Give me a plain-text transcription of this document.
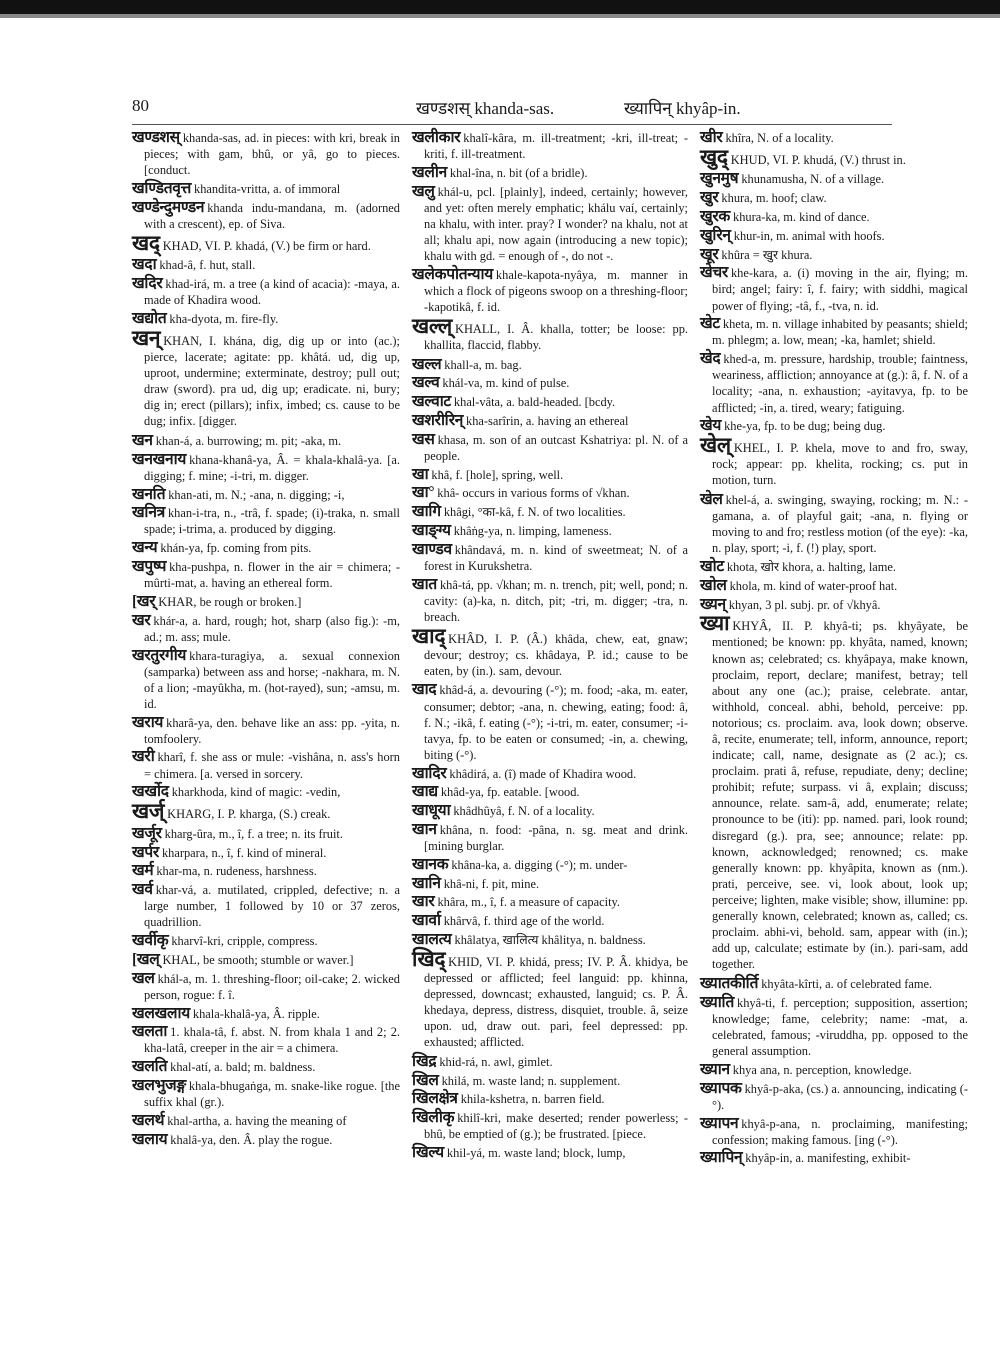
80	खण्डशस् khanda-sas.	ख्यापिन् khyâp-in.

खण्डशस् khanda-sas, ad. in pieces: with kri, break in pieces; with gam, bhû, or yâ, go to pieces. [conduct.

खण्डितवृत्त khandita-vritta, a. of immoral

खण्डेन्दुमण्डन khanda indu-mandana, m. (adorned with a crescent), ep. of Siva.

खद् KHAD, VI. P. khadá, (V.) be firm or hard.

खदा khad-â, f. hut, stall.

खदिर khad-irá, m. a tree (a kind of acacia): -maya, a. made of Khadira wood.

खद्योत kha-dyota, m. fire-fly.

खन् KHAN, I. khána, dig, dig up or into (ac.); pierce, lacerate; agitate: pp. khâtá. ud, dig up, uproot, undermine; exterminate, destroy; pull out; draw (sword). pra ud, dig up; eradicate. ni, bury; dig in; erect (pillars); infix, imbed; cs. cause to be dug; infix. [digger.

खन khan-á, a. burrowing; m. pit; -aka, m.

खनखनाय khana-khanâ-ya, Â. = khala-khalâ-ya. [a. digging; f. mine; -i-tri, m. digger.

खनति khan-ati, m. N.; -ana, n. digging; -i,

खनित्र khan-i-tra, n., -trâ, f. spade; (i)-traka, n. small spade; i-trima, a. produced by digging.

खन्य khán-ya, fp. coming from pits.

खपुष्प kha-pushpa, n. flower in the air = chimera; -mûrti-mat, a. having an ethereal form.

[खर् KHAR, be rough or broken.]

खर khár-a, a. hard, rough; hot, sharp (also fig.): -m, ad.; m. ass; mule.

खरतुरगीय khara-turagiya, a. sexual connexion (samparka) between ass and horse; -nakhara, m. N. of a lion; -mayûkha, m. (hot-rayed), sun; -amsu, m. id.

खराय kharâ-ya, den. behave like an ass: pp. -yita, n. tomfoolery.

खरी kharî, f. she ass or mule: -vishâna, n. ass's horn = chimera. [a. versed in sorcery.

खर्खोद kharkhoda, kind of magic: -vedin,

खर्ज् KHARG, I. P. kharga, (S.) creak.

खर्जूर kharg-ûra, m., î, f. a tree; n. its fruit.

खर्पर kharpara, n., î, f. kind of mineral.

खर्म khar-ma, n. rudeness, harshness.

खर्व khar-vá, a. mutilated, crippled, defective; n. a large number, 1 followed by 10 or 37 zeros, quadrillion.

खर्वीकृ kharvî-kri, cripple, compress.

[खल् KHAL, be smooth; stumble or waver.]

खल khál-a, m. 1. threshing-floor; oil-cake; 2. wicked person, rogue: f. î.

खलखलाय khala-khalâ-ya, Â. ripple.

खलता 1. khala-tâ, f. abst. N. from khala 1 and 2; 2. kha-latâ, creeper in the air = a chimera.

खलति khal-atí, a. bald; m. baldness.

खलभुजङ्ग khala-bhugaṅga, m. snake-like rogue. [the suffix khal (gr.).

खलर्थ khal-artha, a. having the meaning of

खलाय khalâ-ya, den. Â. play the rogue.

खलीकार khalî-kâra, m. ill-treatment; -kri, ill-treat; -kriti, f. ill-treatment.

खलीन khal-îna, n. bit (of a bridle).

खलु khál-u, pcl. [plainly], indeed, certainly; however, and yet: often merely emphatic; khálu vaí, certainly; na khalu, with inter. pray? I wonder? na khalu, not at all; khalu api, now again (introducing a new topic); khalu with gd. = enough of -, do not -.

खलेकपोतन्याय khale-kapota-nyâya, m. manner in which a flock of pigeons swoop on a threshing-floor; -kapotikâ, f. id.

खल्ल् KHALL, I. Â. khalla, totter; be loose: pp. khallita, flaccid, flabby.

खल्ल khall-a, m. bag.

खल्व khál-va, m. kind of pulse.

खल्वाट khal-vâta, a. bald-headed. [bcdy.

खशरीरिन् kha-sarîrin, a. having an ethereal

खस khasa, m. son of an outcast Kshatriya: pl. N. of a people.

खा khâ, f. [hole], spring, well.

खा° khâ- occurs in various forms of √khan.

खागि khâgi, °का-kâ, f. N. of two localities.

खाङ्ग्य khâṅg-ya, n. limping, lameness.

खाण्डव khândavá, m. n. kind of sweetmeat; N. of a forest in Kurukshetra.

खात khâ-tá, pp. √khan; m. n. trench, pit; well, pond; n. cavity: (a)-ka, n. ditch, pit; -tri, m. digger; -tra, n. breach.

खाद् KHÂD, I. P. (Â.) khâda, chew, eat, gnaw; devour; destroy; cs. khâdaya, P. id.; cause to be eaten, by (in.). sam, devour.

खाद khâd-á, a. devouring (-°); m. food; -aka, m. eater, consumer; debtor; -ana, n. chewing, eating; food: â, f. N.; -ikâ, f. eating (-°); -i-tri, m. eater, consumer; -i-tavya, fp. to be eaten or consumed; -in, a. chewing, biting (-°).

खादिर khâdirá, a. (î) made of Khadira wood.

खाद्य khâd-ya, fp. eatable. [wood.

खाधूया khâdhûyâ, f. N. of a locality.

खान khâna, n. food: -pâna, n. sg. meat and drink. [mining burglar.

खानक khâna-ka, a. digging (-°); m. under-

खानि khâ-ni, f. pit, mine.

खार khâra, m., î, f. a measure of capacity.

खार्वा khârvâ, f. third age of the world.

खालत्य khâlatya, खालित्य khâlitya, n. baldness.

खिद् KHID, VI. P. khidá, press; IV. P. Â. khidya, be depressed or afflicted; feel languid: pp. khinna, depressed, downcast; exhausted, languid; cs. P. Â. khedaya, depress, distress, disquiet, trouble. â, seize upon. ud, draw out. pari, feel depressed: pp. exhausted; afflicted.

खिद्र khid-rá, n. awl, gimlet.

खिल khilá, m. waste land; n. supplement.

खिलक्षेत्र khila-kshetra, n. barren field.

खिलीकृ khilî-kri, make deserted; render powerless; -bhû, be emptied of (g.); be frustrated. [piece.

खिल्य khil-yá, m. waste land; block, lump,

खीर khîra, N. of a locality.

खुद् KHUD, VI. P. khudá, (V.) thrust in.

खुनमुष khunamusha, N. of a village.

खुर khura, m. hoof; claw.

खुरक khura-ka, m. kind of dance.

खुरिन् khur-in, m. animal with hoofs.

खूर khûra = खुर khura.

खेचर khe-kara, a. (i) moving in the air, flying; m. bird; angel; fairy: î, f. fairy; with siddhi, magical power of flying; -tâ, f., -tva, n. id.

खेट kheta, m. n. village inhabited by peasants; shield; m. phlegm; a. low, mean; -ka, hamlet; shield.

खेद khed-a, m. pressure, hardship, trouble; faintness, weariness, affliction; annoyance at (g.): â, f. N. of a locality; -ana, n. exhaustion; -ayitavya, fp. to be afflicted; -in, a. tired, weary; fatiguing.

खेय khe-ya, fp. to be dug; being dug.

खेल् KHEL, I. P. khela, move to and fro, sway, rock; appear: pp. khelita, rocking; cs. put in motion, turn.

खेल khel-á, a. swinging, swaying, rocking; m. N.: -gamana, a. of playful gait; -ana, n. flying or moving to and fro; restless motion (of the eye): -ka, n. play, sport; -i, f. (!) play, sport.

खोट khota, खोर khora, a. halting, lame.

खोल khola, m. kind of water-proof hat.

ख्यन् khyan, 3 pl. subj. pr. of √khyâ.

ख्या KHYÂ, II. P. khyâ-ti; ps. khyâyate, be mentioned; be known: pp. khyâta, named, known; known as; celebrated; cs. khyâpaya, make known, proclaim, report, declare; manifest, betray; tell about any one (ac.); praise, celebrate. antar, withhold, conceal. abhi, behold, perceive: pp. notorious; cs. proclaim. ava, look down; observe. â, recite, enumerate; tell, inform, announce, report; indicate; call, name, designate as (2 ac.); cs. proclaim. prati â, refuse, repudiate, deny; decline; prohibit; refute; surpass. vi â, explain; discuss; announce, relate. sam-â, add, enumerate; relate; pronounce to be (iti): pp. named. pari, look round; disregard (g.). pra, see; announce; relate: pp. known, acknowledged; renowned; cs. make generally known: pp. khyâpita, known as (nm.). prati, perceive, see. vi, look about, look up; perceive; lighten, make visible; show, illumine: pp. generally known, celebrated; known as, called; cs. proclaim. abhi-vi, behold. sam, appear with (in.); add up, calculate; estimate by (in.). pari-sam, add together.

ख्यातकीर्ति khyâta-kîrti, a. of celebrated fame.

ख्याति khyâ-ti, f. perception; supposition, assertion; knowledge; fame, celebrity; name: -mat, a. celebrated, famous; -viruddha, pp. opposed to the general assumption.

ख्यान khya ana, n. perception, knowledge.

ख्यापक khyâ-p-aka, (cs.) a. announcing, indicating (-°).

ख्यापन khyâ-p-ana, n. proclaiming, manifesting; confession; making famous. [ing (-°).

ख्यापिन् khyâp-in, a. manifesting, exhibit-
